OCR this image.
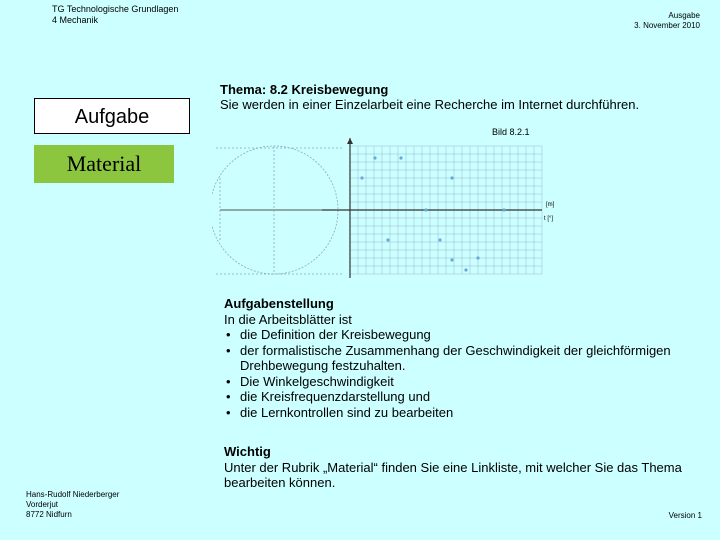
TG Technologische Grundlagen
4 Mechanik	Ausgabe
3. November 2010
Aufgabe
Material
Thema: 8.2 Kreisbewegung
Sie werden in einer Einzelarbeit eine Recherche im Internet durchführen.
Bild 8.2.1
[m]
t [°]
Aufgabenstellung
In die Arbeitsblätter ist
• die Definition der Kreisbewegung
• der formalistische Zusammenhang der Geschwindigkeit der gleichförmigen Drehbewegung festzuhalten.
• Die Winkelgeschwindigkeit
• die Kreisfrequenzdarstellung und
• die Lernkontrollen sind zu bearbeiten
Wichtig
Unter der Rubrik „Material“ finden Sie eine Linkliste, mit welcher Sie das Thema bearbeiten können.
Hans-Rudolf Niederberger
Vorderjut
8772 Nidfurn	Version 1
